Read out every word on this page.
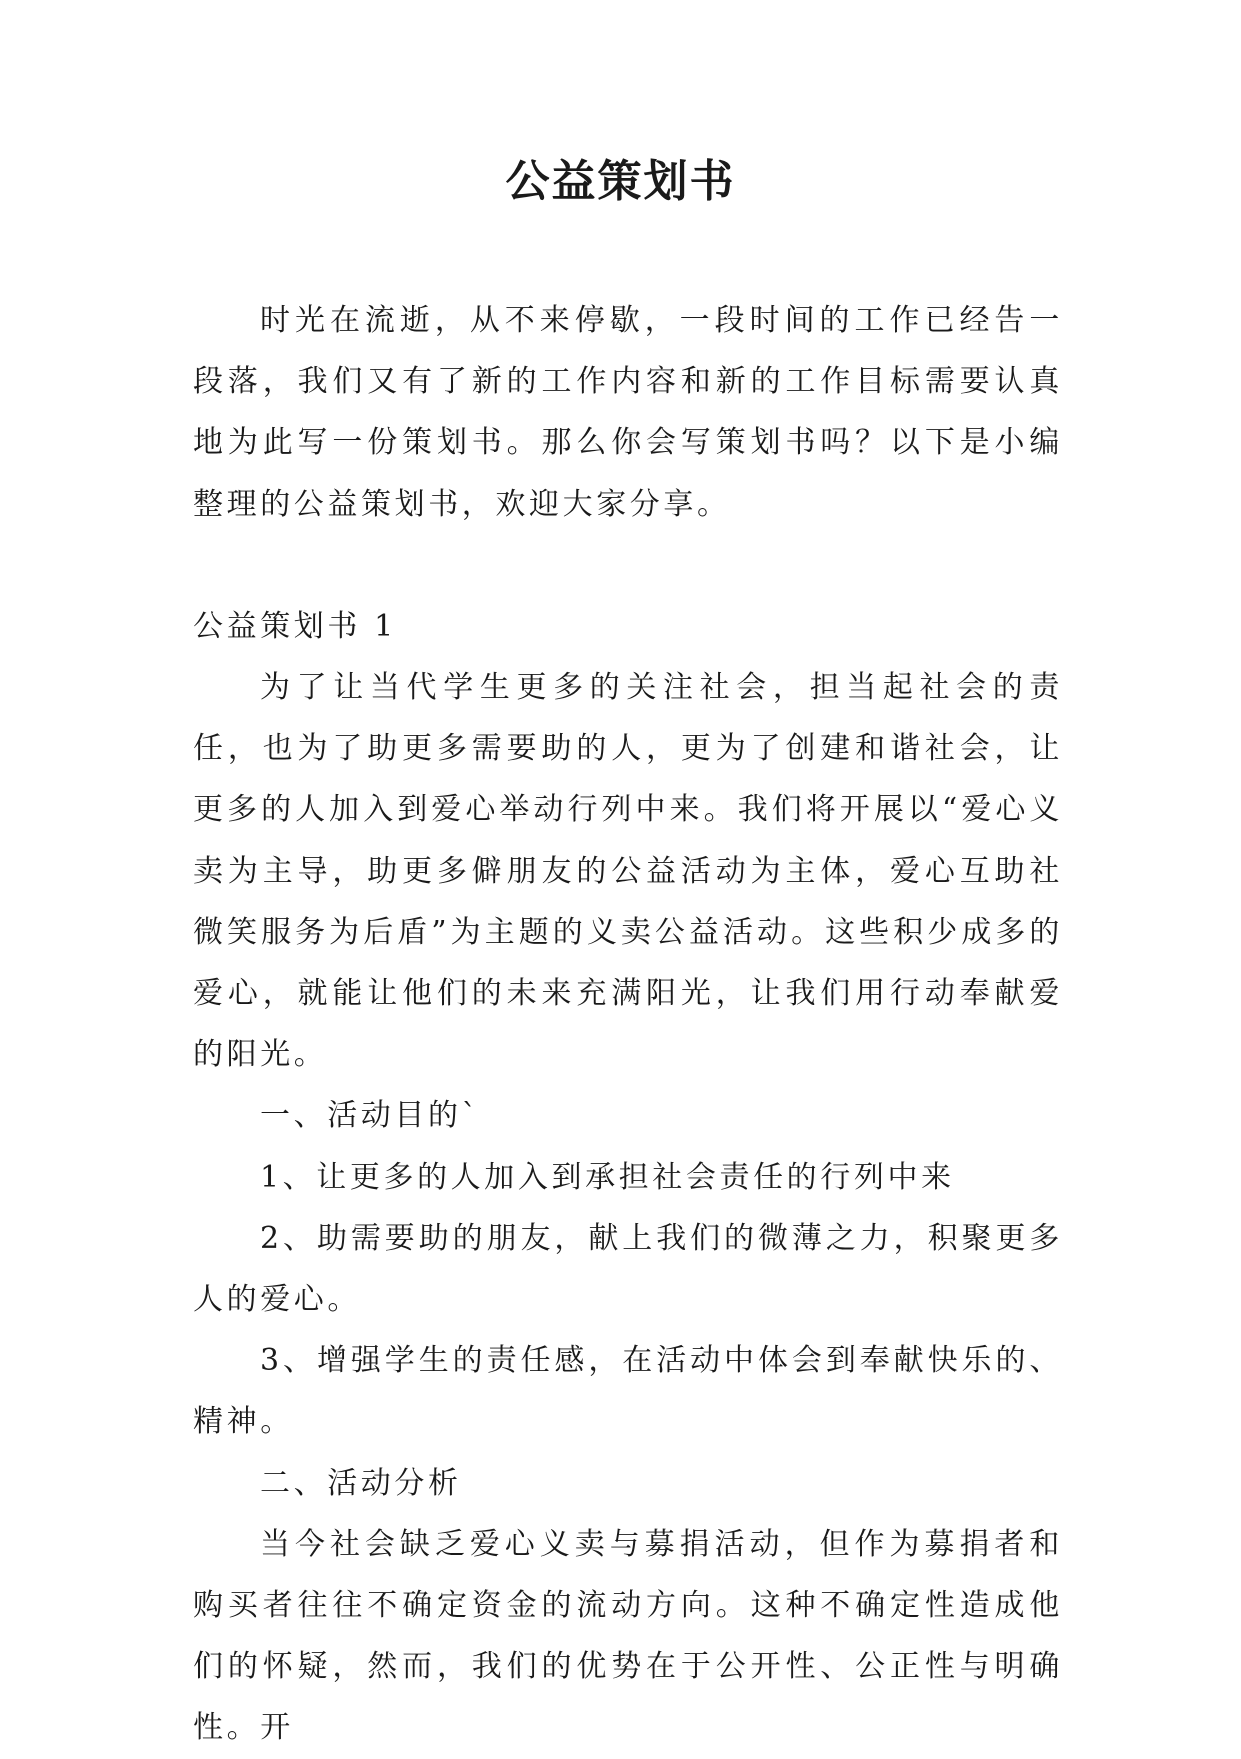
公益策划书

时光在流逝，从不来停歇，一段时间的工作已经告一段落，我们又有了新的工作内容和新的工作目标需要认真地为此写一份策划书。那么你会写策划书吗？以下是小编整理的公益策划书，欢迎大家分享。

公益策划书 1

为了让当代学生更多的关注社会，担当起社会的责任，也为了助更多需要助的人，更为了创建和谐社会，让更多的人加入到爱心举动行列中来。我们将开展以“爱心义卖为主导，助更多僻朋友的公益活动为主体，爱心互助社微笑服务为后盾”为主题的义卖公益活动。这些积少成多的爱心，就能让他们的未来充满阳光，让我们用行动奉献爱的阳光。

一、活动目的`

1、让更多的人加入到承担社会责任的行列中来

2、助需要助的朋友，献上我们的微薄之力，积聚更多人的爱心。

3、增强学生的责任感，在活动中体会到奉献快乐的、精神。

二、活动分析

当今社会缺乏爱心义卖与募捐活动，但作为募捐者和购买者往往不确定资金的流动方向。这种不确定性造成他们的怀疑，然而，我们的优势在于公开性、公正性与明确性。开
